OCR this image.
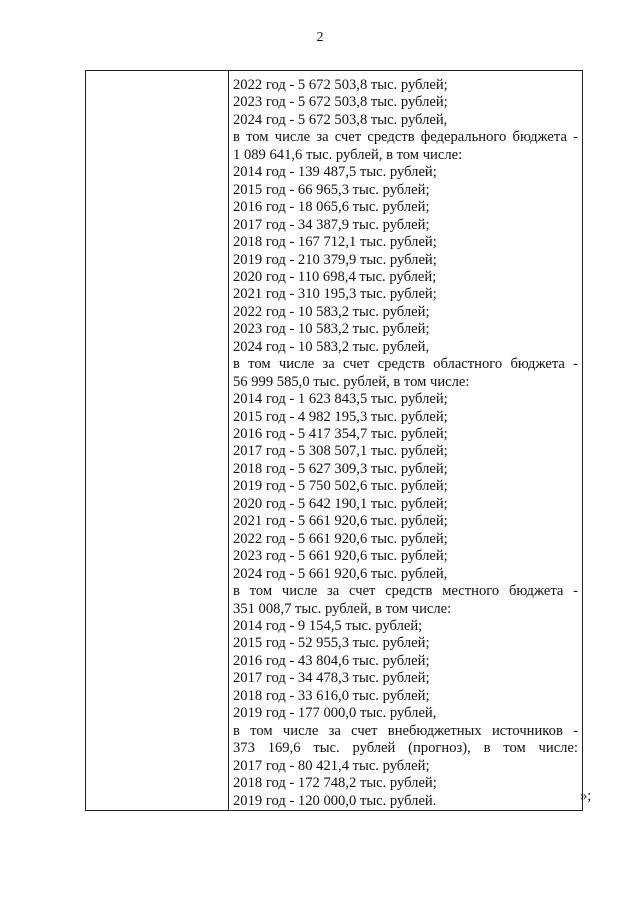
2

2022 год - 5 672 503,8 тыс. рублей;
2023 год - 5 672 503,8 тыс. рублей;
2024 год - 5 672 503,8 тыс. рублей,
в том числе за счет средств федерального бюджета -
1 089 641,6 тыс. рублей, в том числе:
2014 год - 139 487,5 тыс. рублей;
2015 год - 66 965,3 тыс. рублей;
2016 год - 18 065,6 тыс. рублей;
2017 год - 34 387,9 тыс. рублей;
2018 год - 167 712,1 тыс. рублей;
2019 год - 210 379,9 тыс. рублей;
2020 год - 110 698,4 тыс. рублей;
2021 год - 310 195,3 тыс. рублей;
2022 год - 10 583,2 тыс. рублей;
2023 год - 10 583,2 тыс. рублей;
2024 год - 10 583,2 тыс. рублей,
в том числе за счет средств областного бюджета -
56 999 585,0 тыс. рублей, в том числе:
2014 год - 1 623 843,5 тыс. рублей;
2015 год - 4 982 195,3 тыс. рублей;
2016 год - 5 417 354,7 тыс. рублей;
2017 год - 5 308 507,1 тыс. рублей;
2018 год - 5 627 309,3 тыс. рублей;
2019 год - 5 750 502,6 тыс. рублей;
2020 год - 5 642 190,1 тыс. рублей;
2021 год - 5 661 920,6 тыс. рублей;
2022 год - 5 661 920,6 тыс. рублей;
2023 год - 5 661 920,6 тыс. рублей;
2024 год - 5 661 920,6 тыс. рублей,
в том числе за счет средств местного бюджета -
351 008,7 тыс. рублей, в том числе:
2014 год - 9 154,5 тыс. рублей;
2015 год - 52 955,3 тыс. рублей;
2016 год - 43 804,6 тыс. рублей;
2017 год - 34 478,3 тыс. рублей;
2018 год - 33 616,0 тыс. рублей;
2019 год - 177 000,0 тыс. рублей,
в том числе за счет внебюджетных источников -
373 169,6 тыс. рублей (прогноз), в том числе:
2017 год - 80 421,4 тыс. рублей;
2018 год - 172 748,2 тыс. рублей;
2019 год - 120 000,0 тыс. рублей.	»;
